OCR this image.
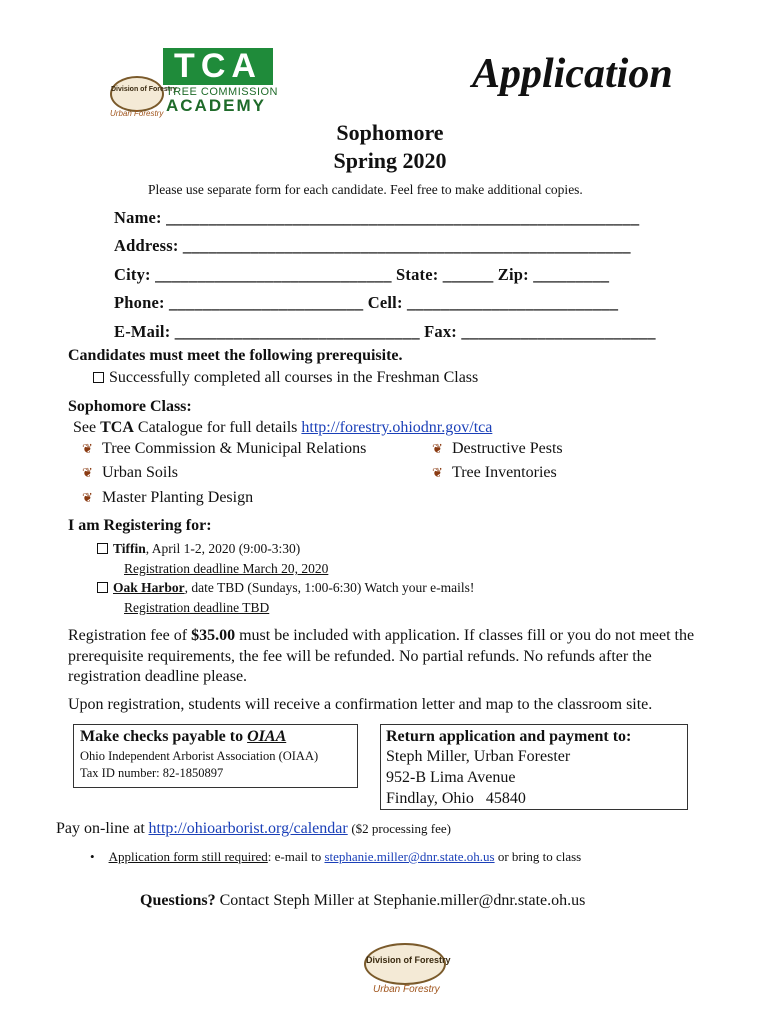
Division of Forestry
Urban Forestry
TCA
TREE COMMISSION
ACADEMY
Application
Sophomore
Spring 2020
Please use separate form for each candidate. Feel free to make additional copies.
Name: ________________________________________________________
Address: _____________________________________________________
City: ____________________________ State: ______ Zip: _________
Phone: _______________________ Cell: _________________________
E-Mail: _____________________________ Fax: _______________________
Candidates must meet the following prerequisite.
Successfully completed all courses in the Freshman Class
Sophomore Class:
See TCA Catalogue for full details http://forestry.ohiodnr.gov/tca
❦ Tree Commission & Municipal Relations	❦ Destructive Pests
❦ Urban Soils	❦ Tree Inventories
❦ Master Planting Design
I am Registering for:
Tiffin, April 1-2, 2020 (9:00-3:30)
Registration deadline March 20, 2020
Oak Harbor, date TBD (Sundays, 1:00-6:30) Watch your e-mails!
Registration deadline TBD
Registration fee of $35.00 must be included with application. If classes fill or you do not meet the prerequisite requirements, the fee will be refunded. No partial refunds. No refunds after the registration deadline please.
Upon registration, students will receive a confirmation letter and map to the classroom site.
Make checks payable to OIAA
Ohio Independent Arborist Association (OIAA)
Tax ID number: 82-1850897
Return application and payment to:
Steph Miller, Urban Forester
952-B Lima Avenue
Findlay, Ohio   45840
Pay on-line at http://ohioarborist.org/calendar ($2 processing fee)
• Application form still required: e-mail to stephanie.miller@dnr.state.oh.us or bring to class
Questions? Contact Steph Miller at Stephanie.miller@dnr.state.oh.us
Division of Forestry
Urban Forestry
